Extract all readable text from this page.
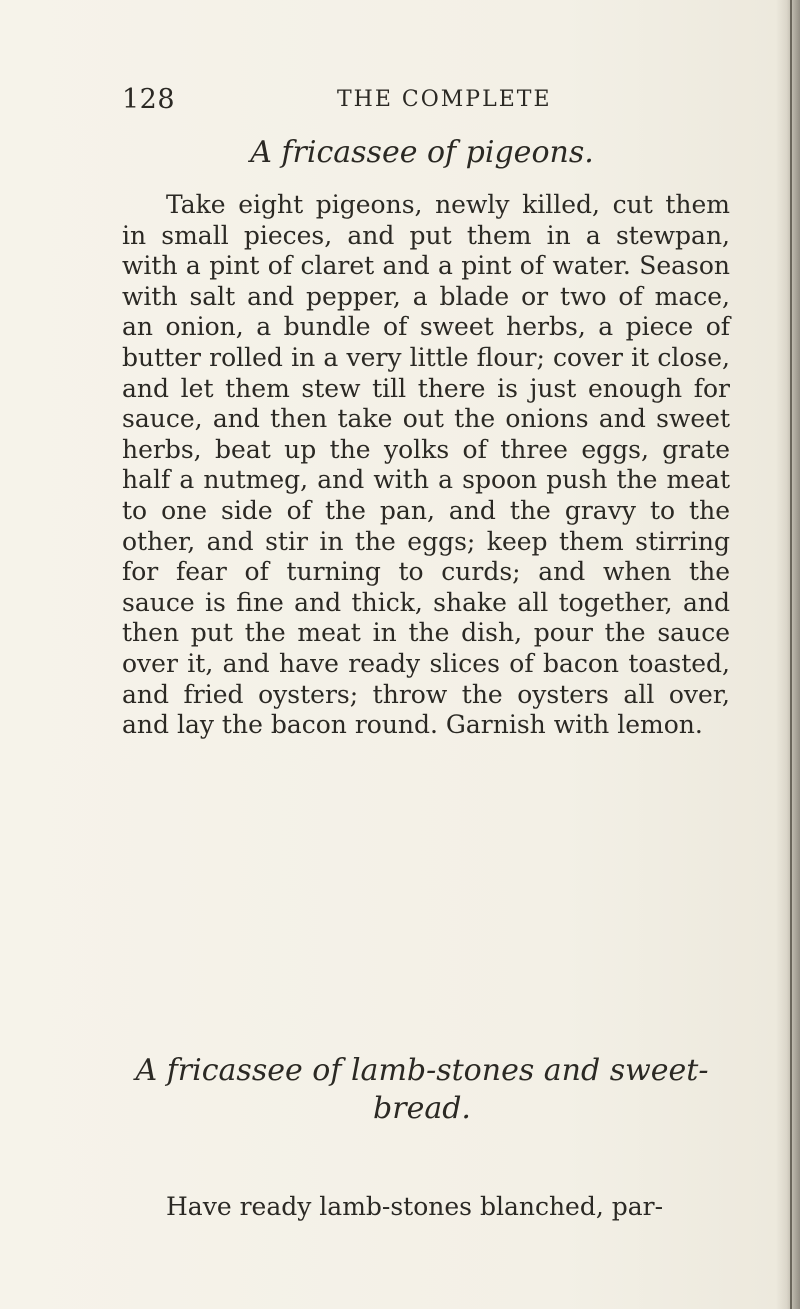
128	THE COMPLETE
A fricassee of pigeons.

Take eight pigeons, newly killed, cut them in small pieces, and put them in a stewpan, with a pint of claret and a pint of water. Season with salt and pepper, a blade or two of mace, an onion, a bundle of sweet herbs, a piece of butter rolled in a very little flour; cover it close, and let them stew till there is just enough for sauce, and then take out the onions and sweet herbs, beat up the yolks of three eggs, grate half a nutmeg, and with a spoon push the meat to one side of the pan, and the gravy to the other, and stir in the eggs; keep them stirring for fear of turning to curds; and when the sauce is fine and thick, shake all together, and then put the meat in the dish, pour the sauce over it, and have ready slices of bacon toasted, and fried oysters; throw the oysters all over, and lay the bacon round. Garnish with lemon.

A fricassee of lamb-stones and sweet-bread.

Have ready lamb-stones blanched, par-
